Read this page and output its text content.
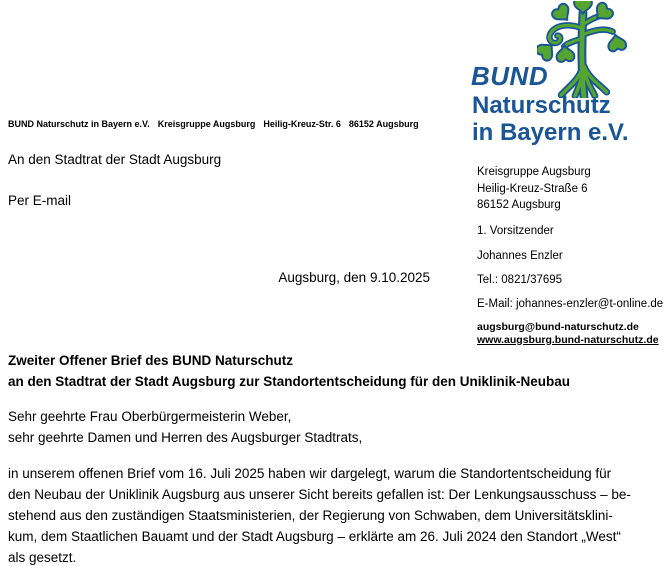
BUND
Naturschutz
in Bayern e.V.
BUND Naturschutz in Bayern e.V. Kreisgruppe Augsburg Heilig-Kreuz-Str. 6 86152 Augsburg
An den Stadtrat der Stadt Augsburg
Per E-mail
Augsburg, den 9.10.2025
Kreisgruppe Augsburg
Heilig-Kreuz-Straße 6
86152 Augsburg
1. Vorsitzender
Johannes Enzler
Tel.: 0821/37695
E-Mail: johannes-enzler@t-online.de
augsburg@bund-naturschutz.de
www.augsburg.bund-naturschutz.de
Zweiter Offener Brief des BUND Naturschutz
an den Stadtrat der Stadt Augsburg zur Standortentscheidung für den Uniklinik-Neubau
Sehr geehrte Frau Oberbürgermeisterin Weber,
sehr geehrte Damen und Herren des Augsburger Stadtrats,
in unserem offenen Brief vom 16. Juli 2025 haben wir dargelegt, warum die Standortentscheidung für
den Neubau der Uniklinik Augsburg aus unserer Sicht bereits gefallen ist: Der Lenkungsausschuss – be-
stehend aus den zuständigen Staatsministerien, der Regierung von Schwaben, dem Universitätsklini-
kum, dem Staatlichen Bauamt und der Stadt Augsburg – erklärte am 26. Juli 2024 den Standort „West“
als gesetzt.
